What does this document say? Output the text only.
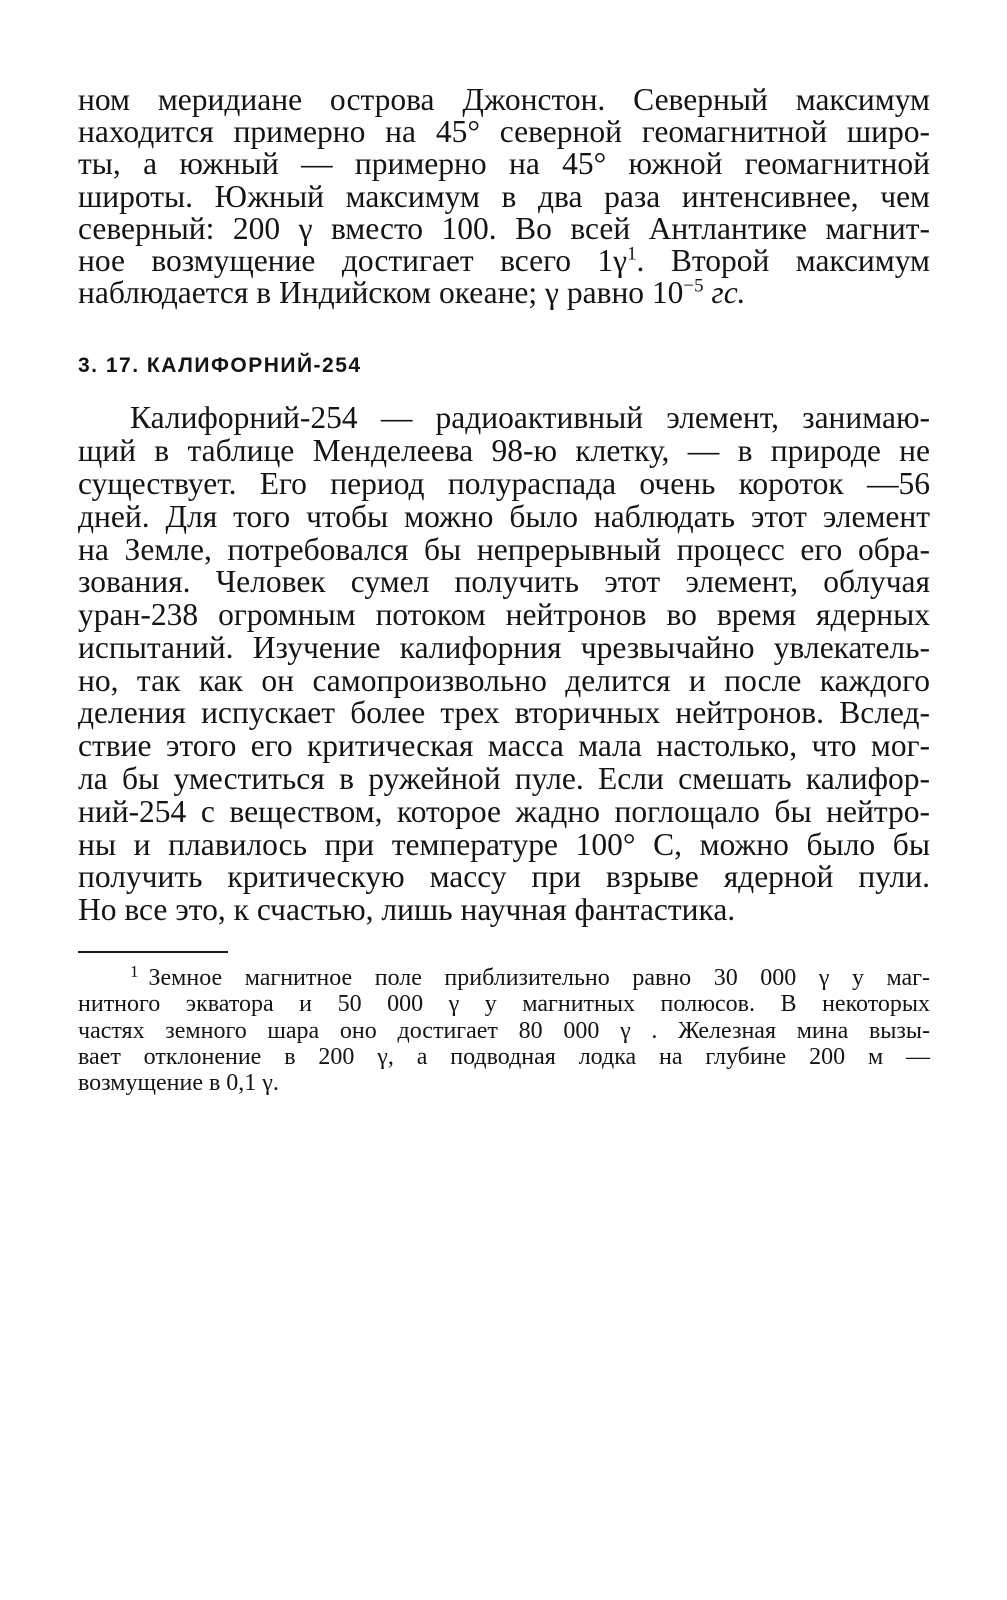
ном меридиане острова Джонстон. Северный максимум
находится примерно на 45° северной геомагнитной широ-
ты, а южный — примерно на 45° южной геомагнитной
широты. Южный максимум в два раза интенсивнее, чем
северный: 200 γ вместо 100. Во всей Антлантике магнит-
ное возмущение достигает всего $1\gamma^1$. Второй максимум
наблюдается в Индийском океане; γ равно $10^{-5}$ гс.
3. 17. КАЛИФОРНИЙ-254
Калифорний-254 — радиоактивный элемент, занимаю-
щий в таблице Менделеева 98-ю клетку, — в природе не
существует. Его период полураспада очень короток —56
дней. Для того чтобы можно было наблюдать этот элемент
на Земле, потребовался бы непрерывный процесс его обра-
зования. Человек сумел получить этот элемент, облучая
уран-238 огромным потоком нейтронов во время ядерных
испытаний. Изучение калифорния чрезвычайно увлекатель-
но, так как он самопроизвольно делится и после каждого
деления испускает более трех вторичных нейтронов. Вслед-
ствие этого его критическая масса мала настолько, что мог-
ла бы уместиться в ружейной пуле. Если смешать калифор-
ний-254 с веществом, которое жадно поглощало бы нейтро-
ны и плавилось при температуре 100° С, можно было бы
получить критическую массу при взрыве ядерной пули.
Но все это, к счастью, лишь научная фантастика.
$^1$ Земное магнитное поле приблизительно равно 30 000 γ у маг-
нитного экватора и 50 000 γ у магнитных полюсов. В некоторых
частях земного шара оно достигает 80 000 γ . Железная мина вызы-
вает отклонение в 200 γ, а подводная лодка на глубине 200 м —
возмущение в 0,1 γ.
